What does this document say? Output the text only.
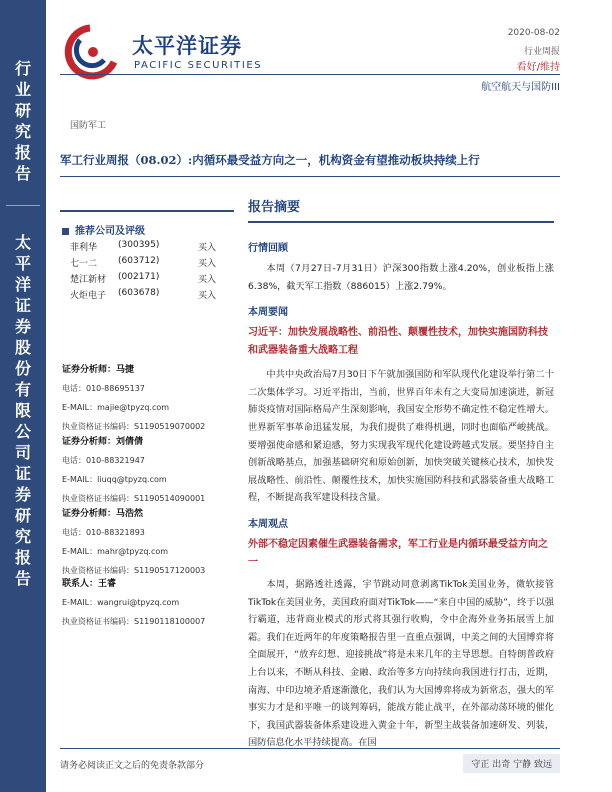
行
业
研
究
报
告
太
平
洋
证
券
股
份
有
限
公
司
证
券
研
究
报
告
太平洋证券
PACIFIC SECURITIES
2020-08-02
行业周报
看好/维持
航空航天与国防III
国防军工
军工行业周报（08.02）:内循环最受益方向之一，机构资金有望推动板块持续上行
推荐公司及评级
菲利华	(300395)	买入
七一二	(603712)	买入
楚江新材	(002171)	买入
火炬电子	(603678)	买入
证券分析师：马捷
电话：010-88695137
E-MAIL：majie@tpyzq.com
执业资格证书编码：S1190519070002
证券分析师：刘倩倩
电话：010-88321947
E-MAIL：liuqq@tpyzq.com
执业资格证书编码：S1190514090001
证券分析师：马浩然
电话：010-88321893
E-MAIL：mahr@tpyzq.com
执业资格证书编码：S1190517120003
联系人：王睿
E-MAIL：wangrui@tpyzq.com
执业资格证书编码：S1190118100007
报告摘要
行情回顾
本周（7月27日-7月31日）沪深300指数上涨4.20%，创业板指上涨6.38%，截天军工指数（886015）上涨2.79%。
本周要闻
习近平：加快发展战略性、前沿性、颠覆性技术，加快实施国防科技和武器装备重大战略工程
中共中央政治局7月30日下午就加强国防和军队现代化建设举行第二十二次集体学习。习近平指出，当前，世界百年未有之大变局加速演进，新冠肺炎疫情对国际格局产生深刻影响，我国安全形势不确定性不稳定性增大。世界新军事革命迅猛发展，为我们提供了难得机遇，同时也面临严峻挑战。要增强使命感和紧迫感，努力实现我军现代化建设跨越式发展。要坚持自主创新战略基点，加强基础研究和原始创新，加快突破关键核心技术，加快发展战略性、前沿性、颠覆性技术，加快实施国防科技和武器装备重大战略工程，不断提高我军建设科技含量。
本周观点
外部不稳定因素催生武器装备需求，军工行业是内循环最受益方向之一
本周，据路透社透露，宇节跳动同意剥离TikTok美国业务，微软接管TikTok在美国业务，美国政府面对TikTok——“来自中国的威胁”，终于以强行霸道，违背商业模式的形式将其强行收购，令中企海外业务拓展雪上加霜。我们在近两年的年度策略报告里一直重点强调，中美之间的大国博弈将全面展开，“放弃幻想、迎接挑战”将是未来几年的主导思想。自特朗普政府上台以来，不断从科技、金融、政治等多方向持续向我国进行打击，近期，南海、中印边境矛盾逐渐激化，我们认为大国博弈将成为新常态，强大的军事实力才是和平唯一的谈判筹码，能战方能止战平，在外部动荡环境的催化下，我国武器装备体系建设进入黄金十年，新型主战装备加速研发、列装，国防信息化水平持续提高。在国
请务必阅读正文之后的免责条款部分	守正 出奇 宁静 致远
